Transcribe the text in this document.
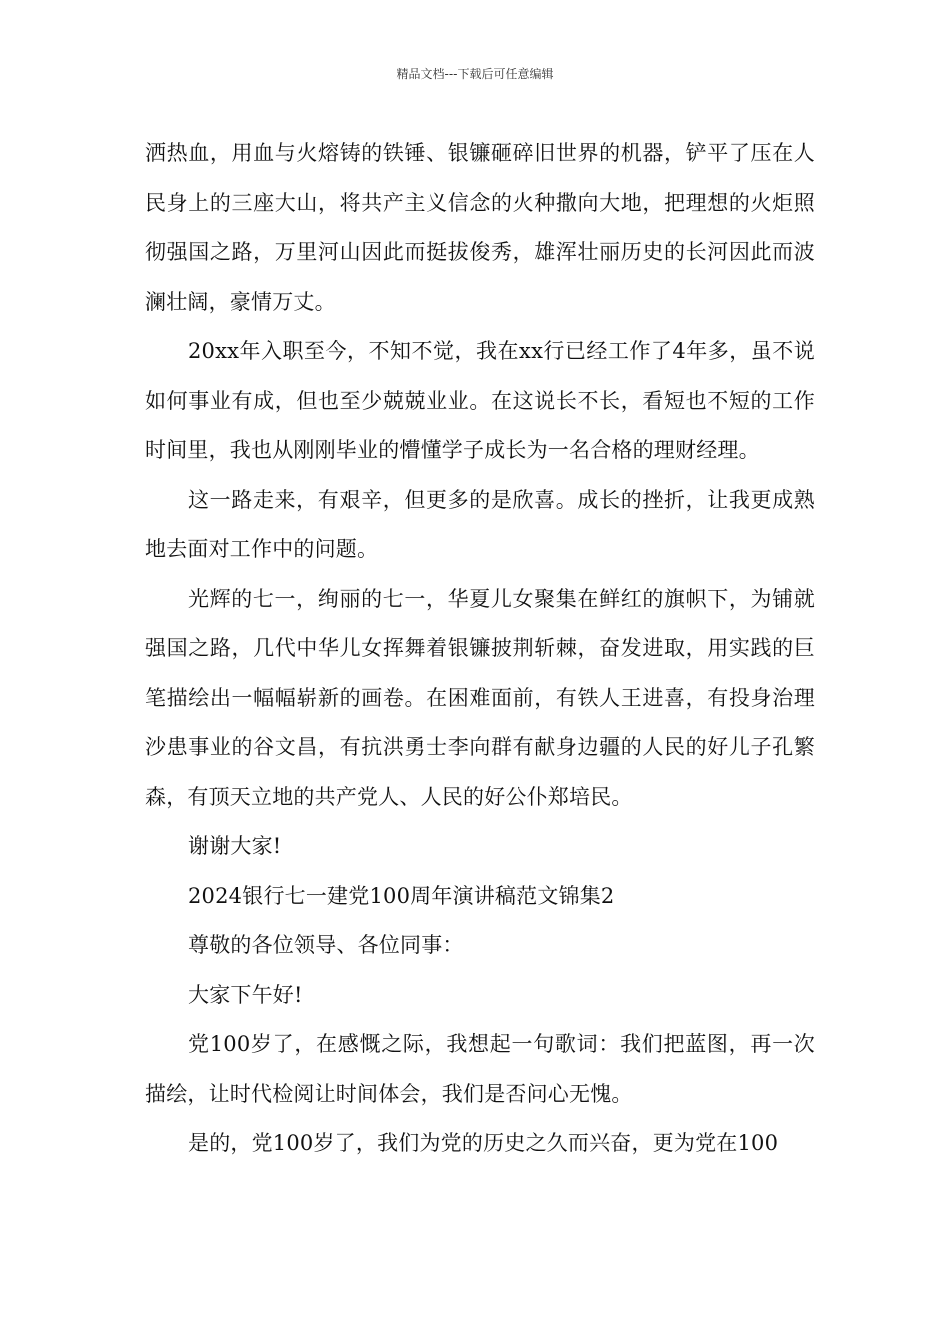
精品文档---下载后可任意编辑

洒热血，用血与火熔铸的铁锤、银镰砸碎旧世界的机器，铲平了压在人民身上的三座大山，将共产主义信念的火种撒向大地，把理想的火炬照彻强国之路，万里河山因此而挺拔俊秀，雄浑壮丽历史的长河因此而波澜壮阔，豪情万丈。

20xx年入职至今，不知不觉，我在xx行已经工作了4年多，虽不说如何事业有成，但也至少兢兢业业。在这说长不长，看短也不短的工作时间里，我也从刚刚毕业的懵懂学子成长为一名合格的理财经理。

这一路走来，有艰辛，但更多的是欣喜。成长的挫折，让我更成熟地去面对工作中的问题。

光辉的七一，绚丽的七一，华夏儿女聚集在鲜红的旗帜下，为铺就强国之路，几代中华儿女挥舞着银镰披荆斩棘，奋发进取，用实践的巨笔描绘出一幅幅崭新的画卷。在困难面前，有铁人王进喜，有投身治理沙患事业的谷文昌，有抗洪勇士李向群有献身边疆的人民的好儿子孔繁森，有顶天立地的共产党人、人民的好公仆郑培民。

谢谢大家!

2024银行七一建党100周年演讲稿范文锦集2

尊敬的各位领导、各位同事：

大家下午好!

党100岁了，在感慨之际，我想起一句歌词：我们把蓝图，再一次描绘，让时代检阅让时间体会，我们是否问心无愧。

是的，党100岁了，我们为党的历史之久而兴奋，更为党在100
